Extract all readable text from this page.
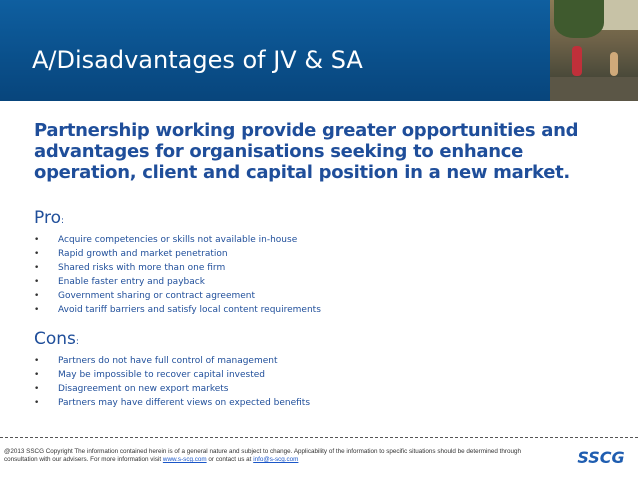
A/Disadvantages of JV & SA

Partnership working provide greater opportunities and advantages for organisations seeking to enhance operation, client and capital position in a new market.

Pro:
• Acquire competencies or skills not available in-house
• Rapid growth and market penetration
• Shared risks with more than one firm
• Enable faster entry and payback
• Government sharing or contract agreement
• Avoid tariff barriers and satisfy local content requirements
Cons:
• Partners do not have full control of management
• May be impossible to recover capital invested
• Disagreement on new export markets
• Partners may have different views on expected benefits
@2013 SSCG Copyright The information contained herein is of a general nature and subject to change. Applicability of the information to specific situations should be determined through consultation with our advisers. For more information visit www.s-scg.com or contact us at info@s-scg.com	SSCG
